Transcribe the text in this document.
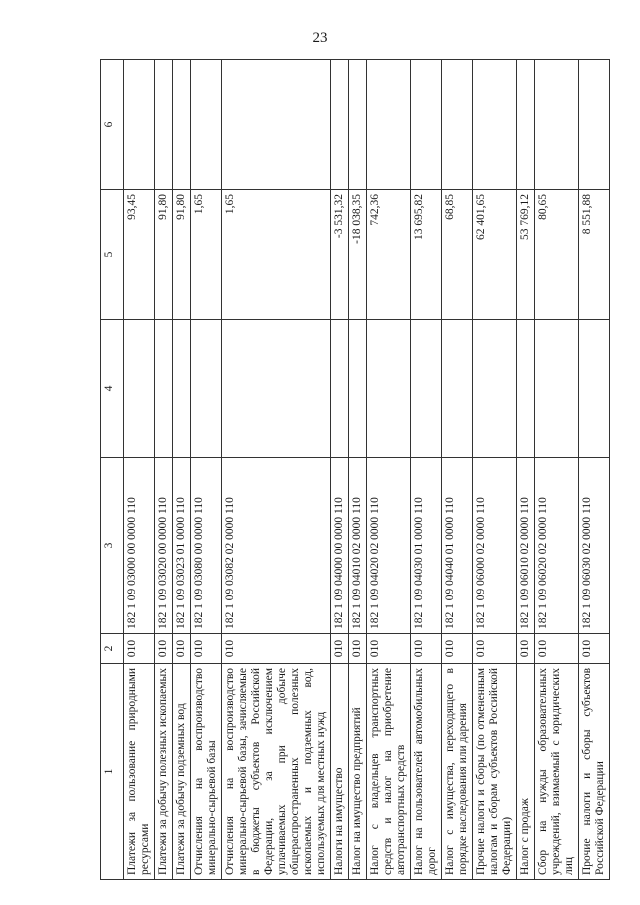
23
1	2	3	4	5	6
Платежи за пользование природными ресурсами	010	182 1 09 03000 00 0000 110		93,45	
Платежи за добычу полезных ископаемых	010	182 1 09 03020 00 0000 110		91,80	
Платежи за добычу подземных вод	010	182 1 09 03023 01 0000 110		91,80	
Отчисления на воспроизводство минерально-сырьевой базы	010	182 1 09 03080 00 0000 110		1,65	
Отчисления на воспроизводство минерально-сырьевой базы, зачисляемые в бюджеты субъектов Российской Федерации, за исключением уплачиваемых при добыче общераспространенных полезных ископаемых и подземных вод, используемых для местных нужд	010	182 1 09 03082 02 0000 110		1,65	
Налоги на имущество	010	182 1 09 04000 00 0000 110		-3 531,32	
Налог на имущество предприятий	010	182 1 09 04010 02 0000 110		-18 038,35	
Налог с владельцев транспортных средств и налог на приобретение автотранспортных средств	010	182 1 09 04020 02 0000 110		742,36	
Налог на пользователей автомобильных дорог	010	182 1 09 04030 01 0000 110		13 695,82	
Налог с имущества, переходящего в порядке наследования или дарения	010	182 1 09 04040 01 0000 110		68,85	
Прочие налоги и сборы (по отмененным налогам и сборам субъектов Российской Федерации)	010	182 1 09 06000 02 0000 110		62 401,65	
Налог с продаж	010	182 1 09 06010 02 0000 110		53 769,12	
Сбор на нужды образовательных учреждений, взимаемый с юридических лиц	010	182 1 09 06020 02 0000 110		80,65	
Прочие налоги и сборы субъектов Российской Федерации	010	182 1 09 06030 02 0000 110		8 551,88	
